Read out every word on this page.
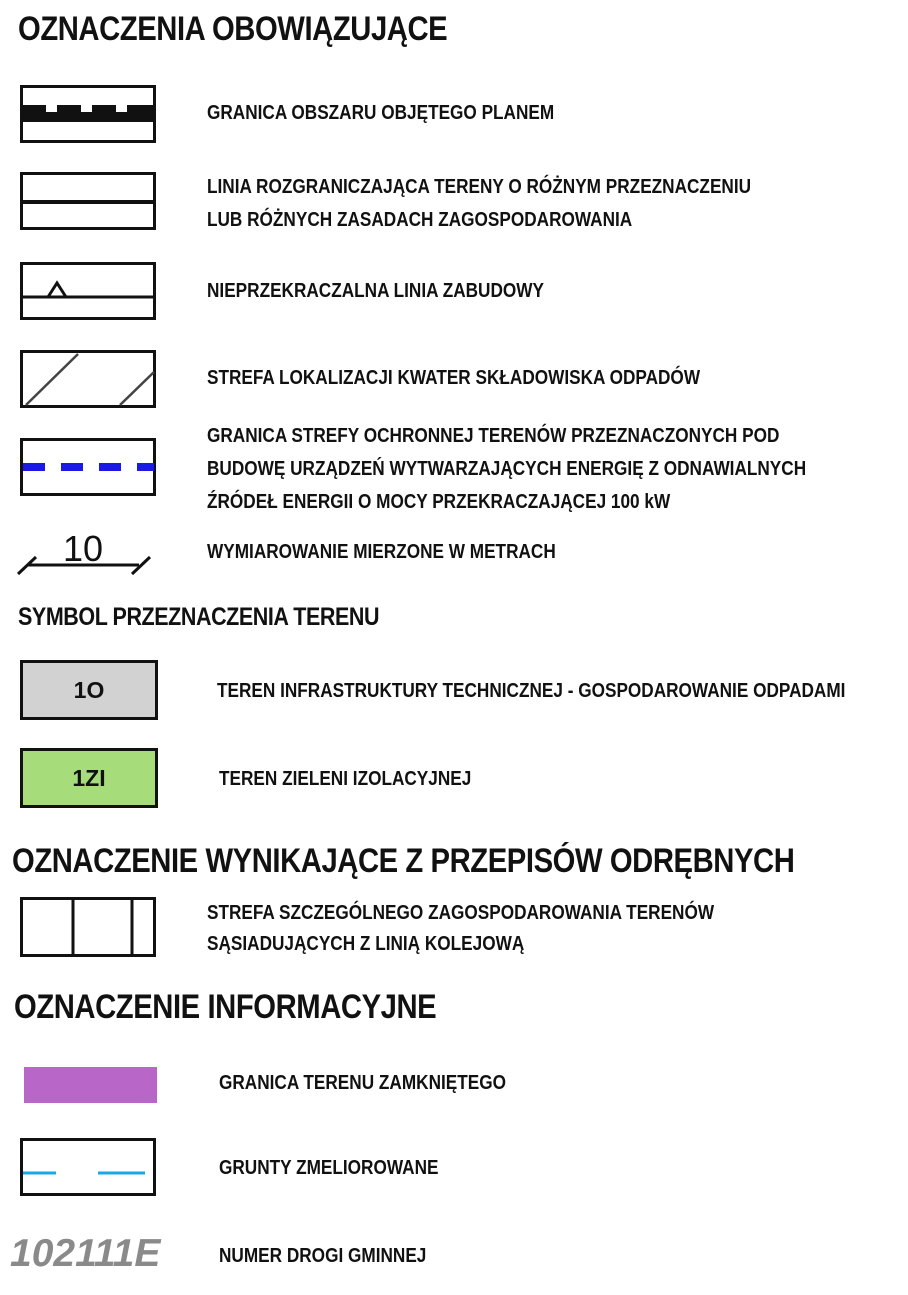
OZNACZENIA OBOWIĄZUJĄCE
GRANICA OBSZARU OBJĘTEGO PLANEM
LINIA ROZGRANICZAJĄCA TERENY O RÓŻNYM PRZEZNACZENIU
LUB RÓŻNYCH ZASADACH ZAGOSPODAROWANIA
NIEPRZEKRACZALNA LINIA ZABUDOWY
STREFA LOKALIZACJI KWATER SKŁADOWISKA ODPADÓW
GRANICA STREFY OCHRONNEJ TERENÓW PRZEZNACZONYCH POD
BUDOWĘ URZĄDZEŃ WYTWARZAJĄCYCH ENERGIĘ Z ODNAWIALNYCH
ŹRÓDEŁ ENERGII O MOCY PRZEKRACZAJĄCEJ 100 kW
10	WYMIAROWANIE MIERZONE W METRACH
SYMBOL PRZEZNACZENIA TERENU
1O	TEREN INFRASTRUKTURY TECHNICZNEJ - GOSPODAROWANIE ODPADAMI
1ZI	TEREN ZIELENI IZOLACYJNEJ
OZNACZENIE WYNIKAJĄCE Z PRZEPISÓW ODRĘBNYCH
STREFA SZCZEGÓLNEGO ZAGOSPODAROWANIA TERENÓW
SĄSIADUJĄCYCH Z LINIĄ KOLEJOWĄ
OZNACZENIE INFORMACYJNE
GRANICA TERENU ZAMKNIĘTEGO
GRUNTY ZMELIOROWANE
102111E	NUMER DROGI GMINNEJ
